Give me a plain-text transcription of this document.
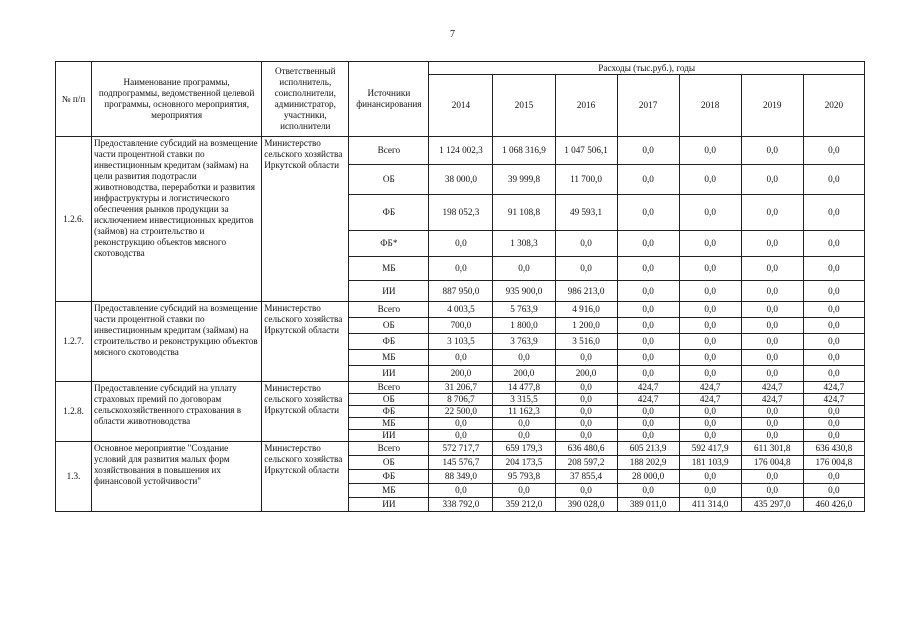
7
№ п/п	Наименование программы, подпрограммы, ведомственной целевой программы, основного мероприятия, мероприятия	Ответственный исполнитель, соисполнители, администратор, участники, исполнители	Источники финансирования	Расходы (тыс.руб.), годы						
				2014	2015	2016	2017	2018	2019	2020
1.2.6.	Предоставление субсидий на возмещение части процентной ставки по инвестиционным кредитам (займам) на цели развития подотрасли животноводства, переработки и развития инфраструктуры и логистического обеспечения рынков продукции за исключением инвестиционных кредитов (займов) на строительство и реконструкцию объектов мясного скотоводства	Министерство сельского хозяйства Иркутской области	Всего	1 124 002,3	1 068 316,9	1 047 506,1	0,0	0,0	0,0	0,0
			ОБ	38 000,0	39 999,8	11 700,0	0,0	0,0	0,0	0,0
			ФБ	198 052,3	91 108,8	49 593,1	0,0	0,0	0,0	0,0
			ФБ*	0,0	1 308,3	0,0	0,0	0,0	0,0	0,0
			МБ	0,0	0,0	0,0	0,0	0,0	0,0	0,0
			ИИ	887 950,0	935 900,0	986 213,0	0,0	0,0	0,0	0,0
1.2.7.	Предоставление субсидий на возмещение части процентной ставки по инвестиционным кредитам (займам) на строительство и реконструкцию объектов мясного скотоводства	Министерство сельского хозяйства Иркутской области	Всего	4 003,5	5 763,9	4 916,0	0,0	0,0	0,0	0,0
			ОБ	700,0	1 800,0	1 200,0	0,0	0,0	0,0	0,0
			ФБ	3 103,5	3 763,9	3 516,0	0,0	0,0	0,0	0,0
			МБ	0,0	0,0	0,0	0,0	0,0	0,0	0,0
			ИИ	200,0	200,0	200,0	0,0	0,0	0,0	0,0
1.2.8.	Предоставление субсидий на уплату страховых премий по договорам сельскохозяйственного страхования в области животноводства	Министерство сельского хозяйства Иркутской области	Всего	31 206,7	14 477,8	0,0	424,7	424,7	424,7	424,7
			ОБ	8 706,7	3 315,5	0,0	424,7	424,7	424,7	424,7
			ФБ	22 500,0	11 162,3	0,0	0,0	0,0	0,0	0,0
			МБ	0,0	0,0	0,0	0,0	0,0	0,0	0,0
			ИИ	0,0	0,0	0,0	0,0	0,0	0,0	0,0
1.3.	Основное мероприятие "Создание условий для развития малых форм хозяйствования в повышения их финансовой устойчивости"	Министерство сельского хозяйства Иркутской области	Всего	572 717,7	659 179,3	636 480,6	605 213,9	592 417,9	611 301,8	636 430,8
			ОБ	145 576,7	204 173,5	208 597,2	188 202,9	181 103,9	176 004,8	176 004,8
			ФБ	88 349,0	95 793,8	37 855,4	28 000,0	0,0	0,0	0,0
			МБ	0,0	0,0	0,0	0,0	0,0	0,0	0,0
			ИИ	338 792,0	359 212,0	390 028,0	389 011,0	411 314,0	435 297,0	460 426,0
